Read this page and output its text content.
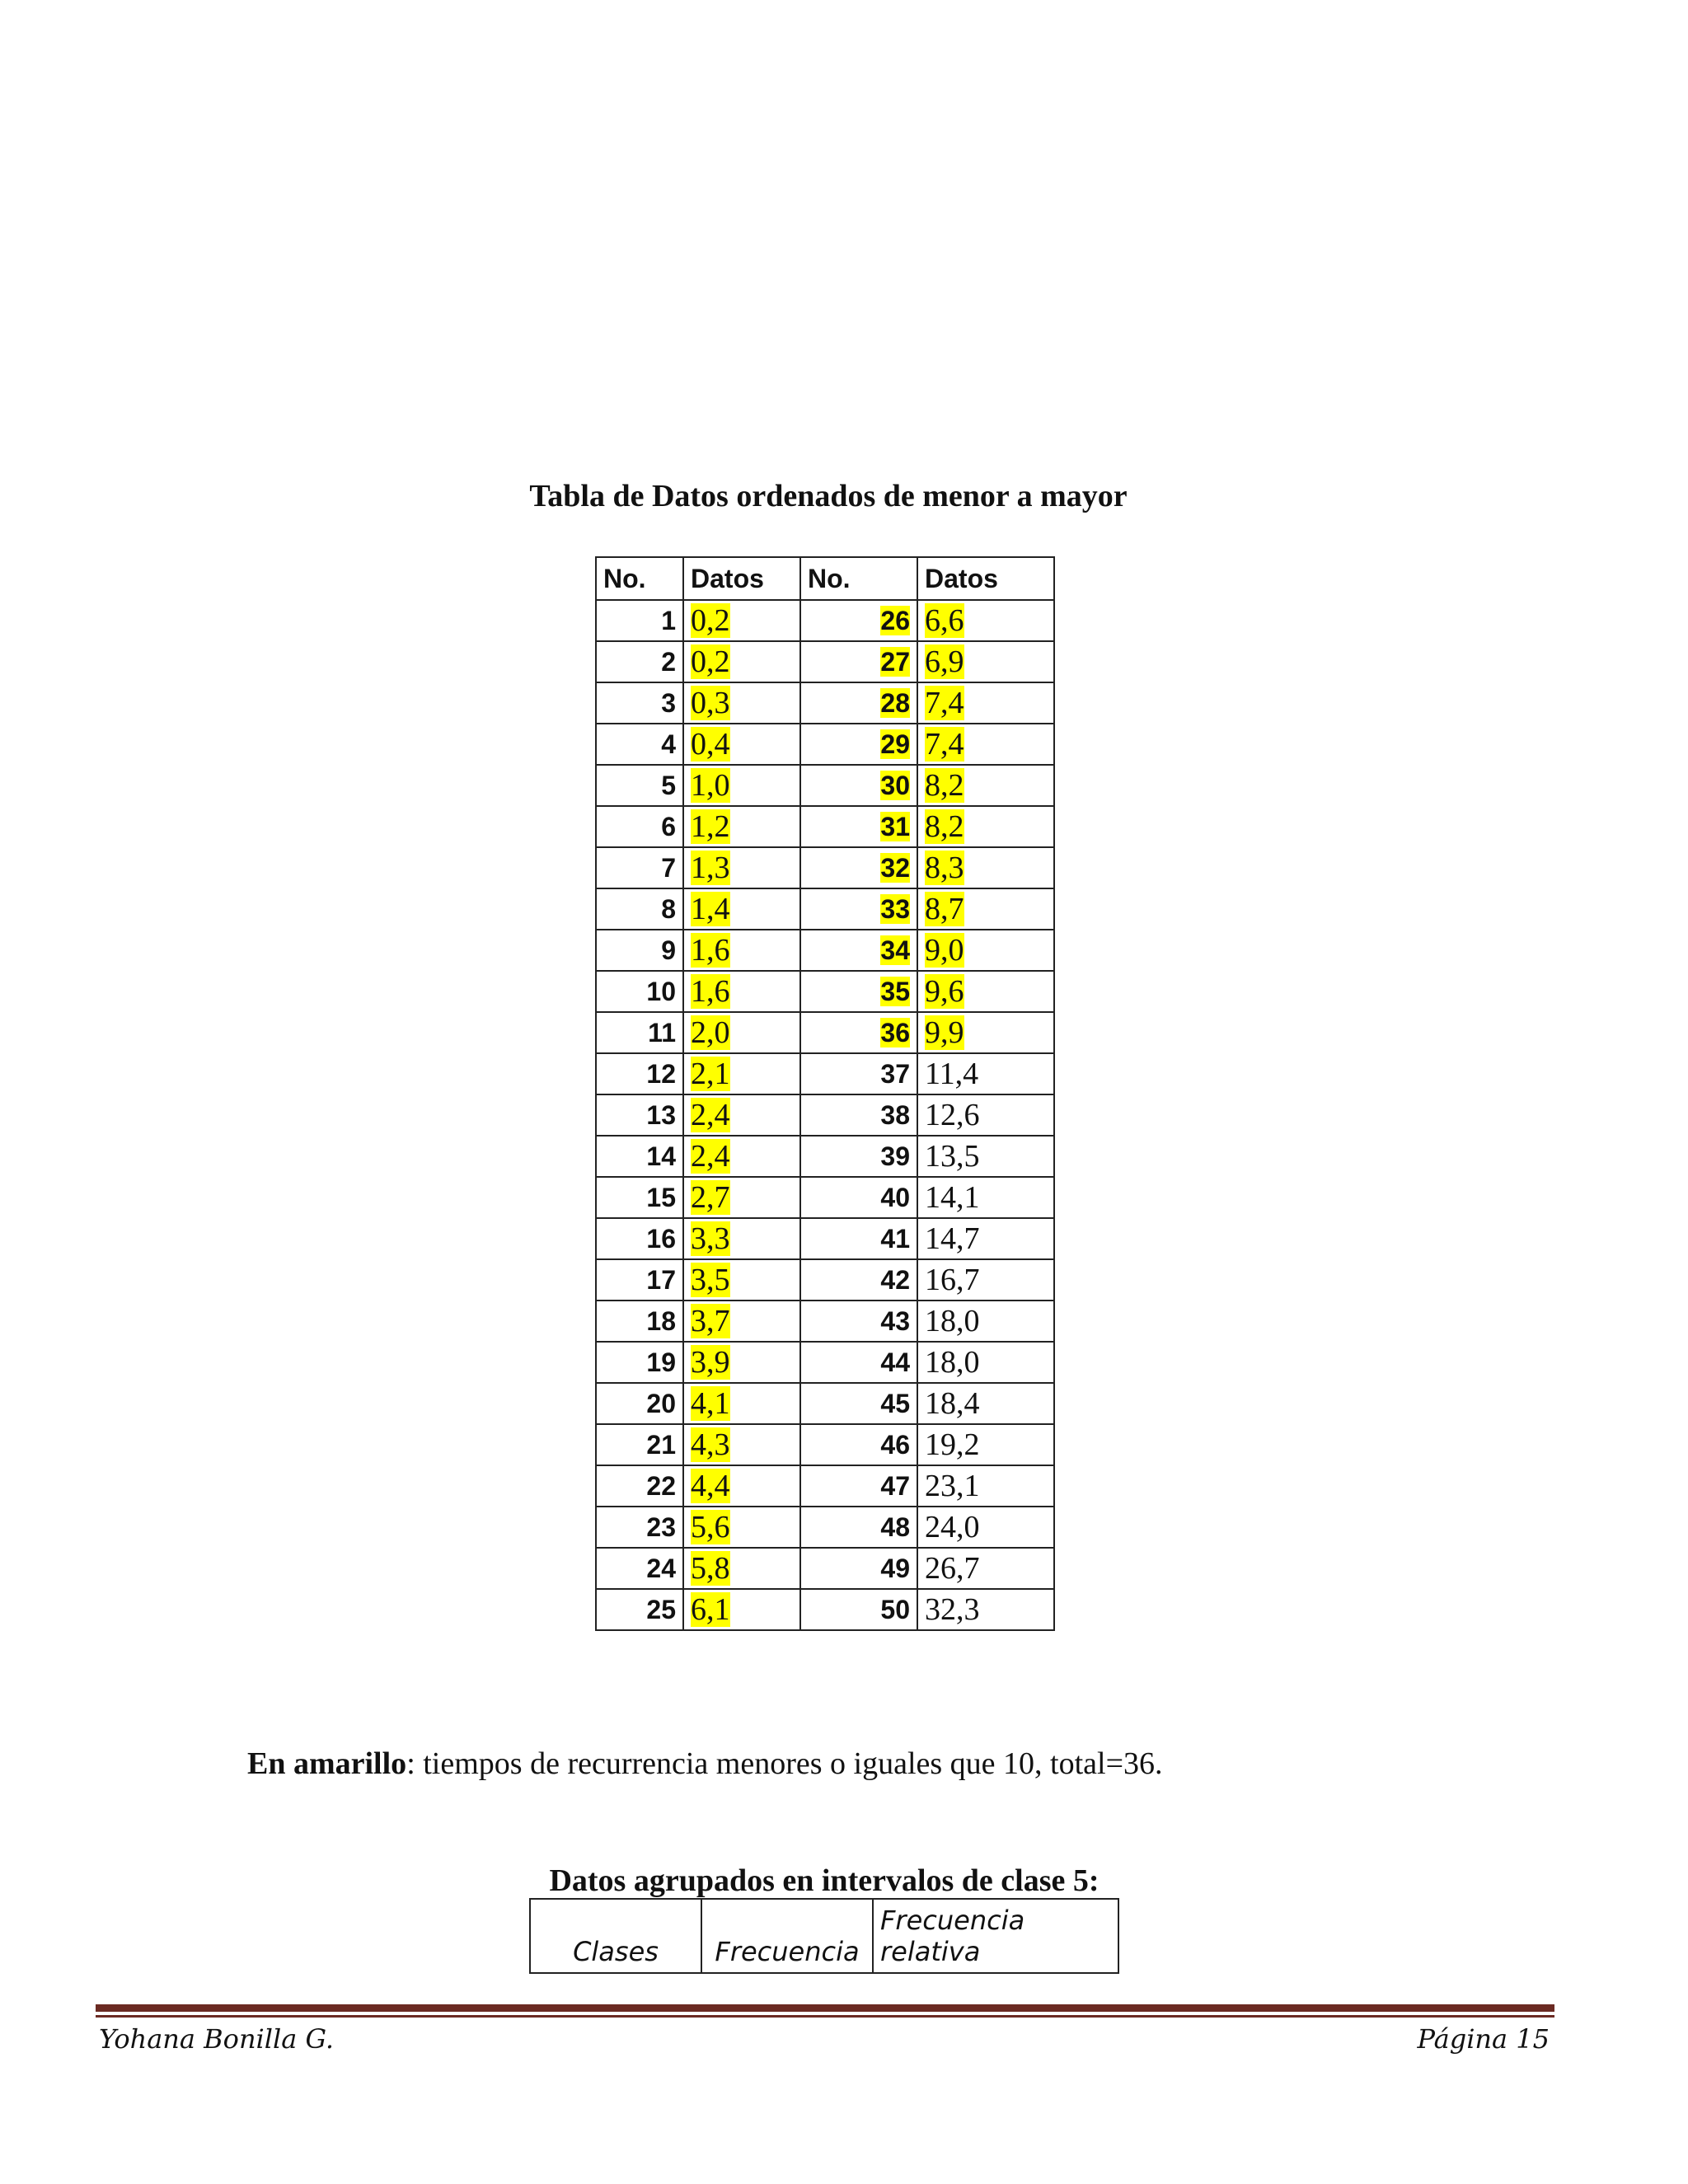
Tabla de Datos ordenados de menor a mayor
No.	Datos	No.	Datos
1	0,2	26	6,6
2	0,2	27	6,9
3	0,3	28	7,4
4	0,4	29	7,4
5	1,0	30	8,2
6	1,2	31	8,2
7	1,3	32	8,3
8	1,4	33	8,7
9	1,6	34	9,0
10	1,6	35	9,6
11	2,0	36	9,9
12	2,1	37	11,4
13	2,4	38	12,6
14	2,4	39	13,5
15	2,7	40	14,1
16	3,3	41	14,7
17	3,5	42	16,7
18	3,7	43	18,0
19	3,9	44	18,0
20	4,1	45	18,4
21	4,3	46	19,2
22	4,4	47	23,1
23	5,6	48	24,0
24	5,8	49	26,7
25	6,1	50	32,3
En amarillo: tiempos de recurrencia menores o iguales que 10, total=36.
Datos agrupados en intervalos de clase 5:
Clases	Frecuencia	Frecuencia
relativa
Yohana Bonilla G.	Página 15
